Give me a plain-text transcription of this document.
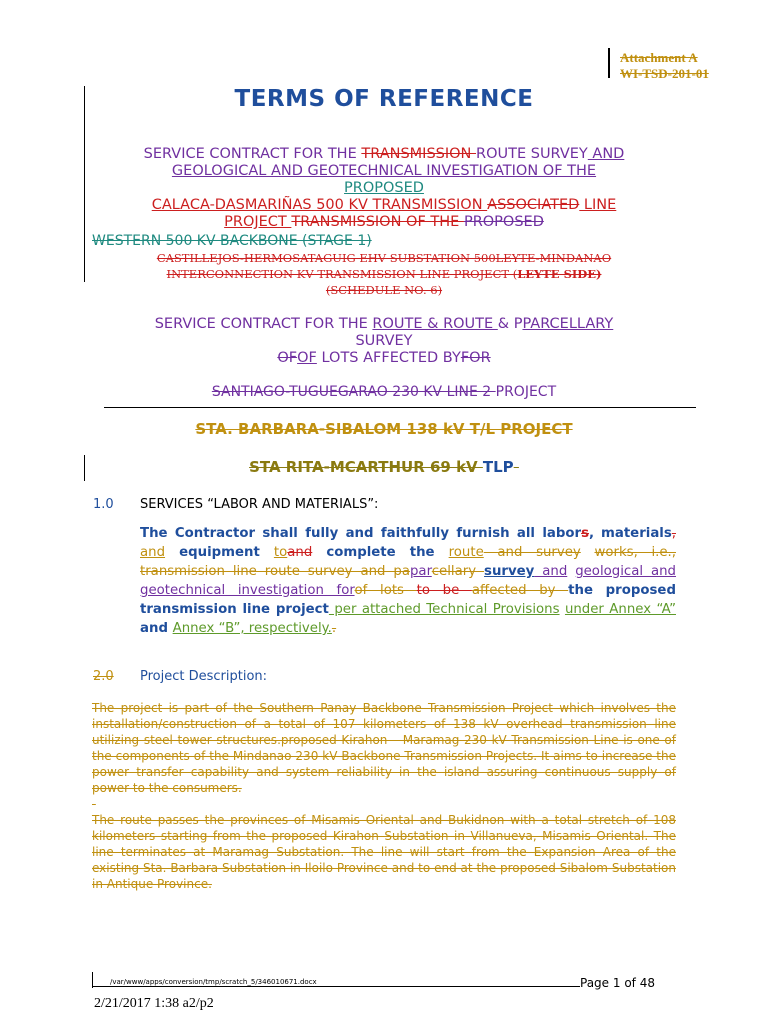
Attachment A
WI-TSD-201-01
TERMS OF REFERENCE
SERVICE CONTRACT FOR THE TRANSMISSION ROUTE SURVEY AND
GEOLOGICAL AND GEOTECHNICAL INVESTIGATION OF THE
PROPOSED
CALACA-DASMARIÑAS 500 KV TRANSMISSION ASSOCIATED LINE
PROJECT TRANSMISSION OF THE PROPOSED
WESTERN 500 KV BACKBONE (STAGE 1)
CASTILLEJOS-HERMOSATAGUIG EHV SUBSTATION 500LEYTE-MINDANAO
INTERCONNECTION KV TRANSMISSION LINE PROJECT (LEYTE SIDE)
(SCHEDULE NO. 6)
SERVICE CONTRACT FOR THE ROUTE & ROUTE & PPARCELLARY
SURVEY
OFOF LOTS AFFECTED BYFOR
SANTIAGO-TUGUEGARAO 230 KV LINE 2 PROJECT
STA. BARBARA-SIBALOM 138 kV T/L PROJECT
STA RITA-MCARTHUR 69 kV TLP
1.0 SERVICES “LABOR AND MATERIALS”:
The Contractor shall fully and faithfully furnish all labors, materials, and equipment toand complete the route and survey works, i.e., transmission line route survey and paparcellary survey and geological and geotechnical investigation forof lots to be affected by the proposed transmission line project per attached Technical Provisions under Annex “A” and Annex “B”, respectively..
2.0 Project Description:

The project is part of the Southern Panay Backbone Transmission Project which involves the installation/construction of a total of 107 kilometers of 138 kV overhead transmission line utilizing steel tower structures.proposed Kirahon – Maramag 230 kV Transmission Line is one of the components of the Mindanao 230 kV Backbone Transmission Projects. It aims to increase the power transfer capability and system reliability in the island assuring continuous supply of power to the consumers.

The route passes the provinces of Misamis Oriental and Bukidnon with a total stretch of 108 kilometers starting from the proposed Kirahon Substation in Villanueva, Misamis Oriental. The line terminates at Maramag Substation. The line will start from the Expansion Area of the existing Sta. Barbara Substation in Iloilo Province and to end at the proposed Sibalom Substation in Antique Province.

/var/www/apps/conversion/tmp/scratch_5/346010671.docx	Page 1 of 48
2/21/2017 1:38 a2/p2
